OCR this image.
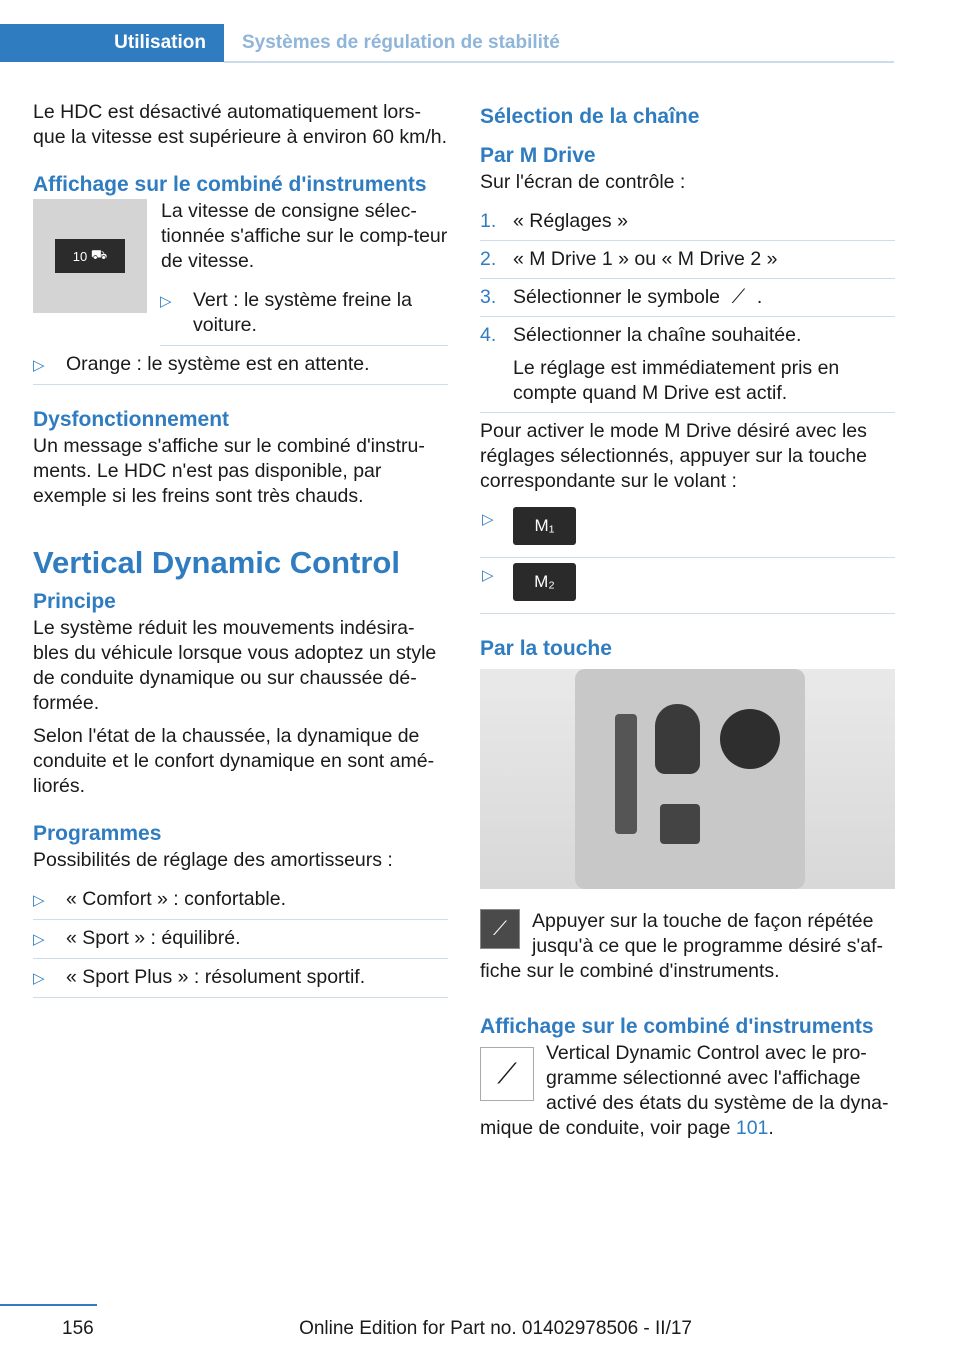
Utilisation Systèmes de régulation de stabilité

Le HDC est désactivé automatiquement lors-que la vitesse est supérieure à environ 60 km/h.

Affichage sur le combiné d'instruments
10
⛟

La vitesse de consigne sélec-tionnée s'affiche sur le comp-teur de vitesse.

▷ Vert : le système freine la voiture.
▷ Orange : le système est en attente.
Dysfonctionnement

Un message s'affiche sur le combiné d'instru-ments. Le HDC n'est pas disponible, par exemple si les freins sont très chauds.

Vertical Dynamic Control
Principe

Le système réduit les mouvements indésira-bles du véhicule lorsque vous adoptez un style de conduite dynamique ou sur chaussée dé-formée.

Selon l'état de la chaussée, la dynamique de conduite et le confort dynamique en sont amé-liorés.

Programmes

Possibilités de réglage des amortisseurs :

▷ « Comfort » : confortable.
▷ « Sport » : équilibré.
▷ « Sport Plus » : résolument sportif.
Sélection de la chaîne
Par M Drive

Sur l'écran de contrôle :

1. « Réglages »
2. « M Drive 1 » ou « M Drive 2 »
3. Sélectionner le symbole ⟋ .
4. Sélectionner la chaîne souhaitée.
Le réglage est immédiatement pris en compte quand M Drive est actif.

Pour activer le mode M Drive désiré avec les réglages sélectionnés, appuyer sur la touche correspondante sur le volant :

▷	M₁
▷	M₂
Par la touche
⟋	Appuyer sur la touche de façon répétée jusqu'à ce que le programme désiré s'af-fiche sur le combiné d'instruments.

Affichage sur le combiné d'instruments
⟋

Vertical Dynamic Control avec le pro-gramme sélectionné avec l'affichage activé des états du système de la dyna-mique de conduite, voir page 101.

156	Online Edition for Part no. 01402978506 - II/17
